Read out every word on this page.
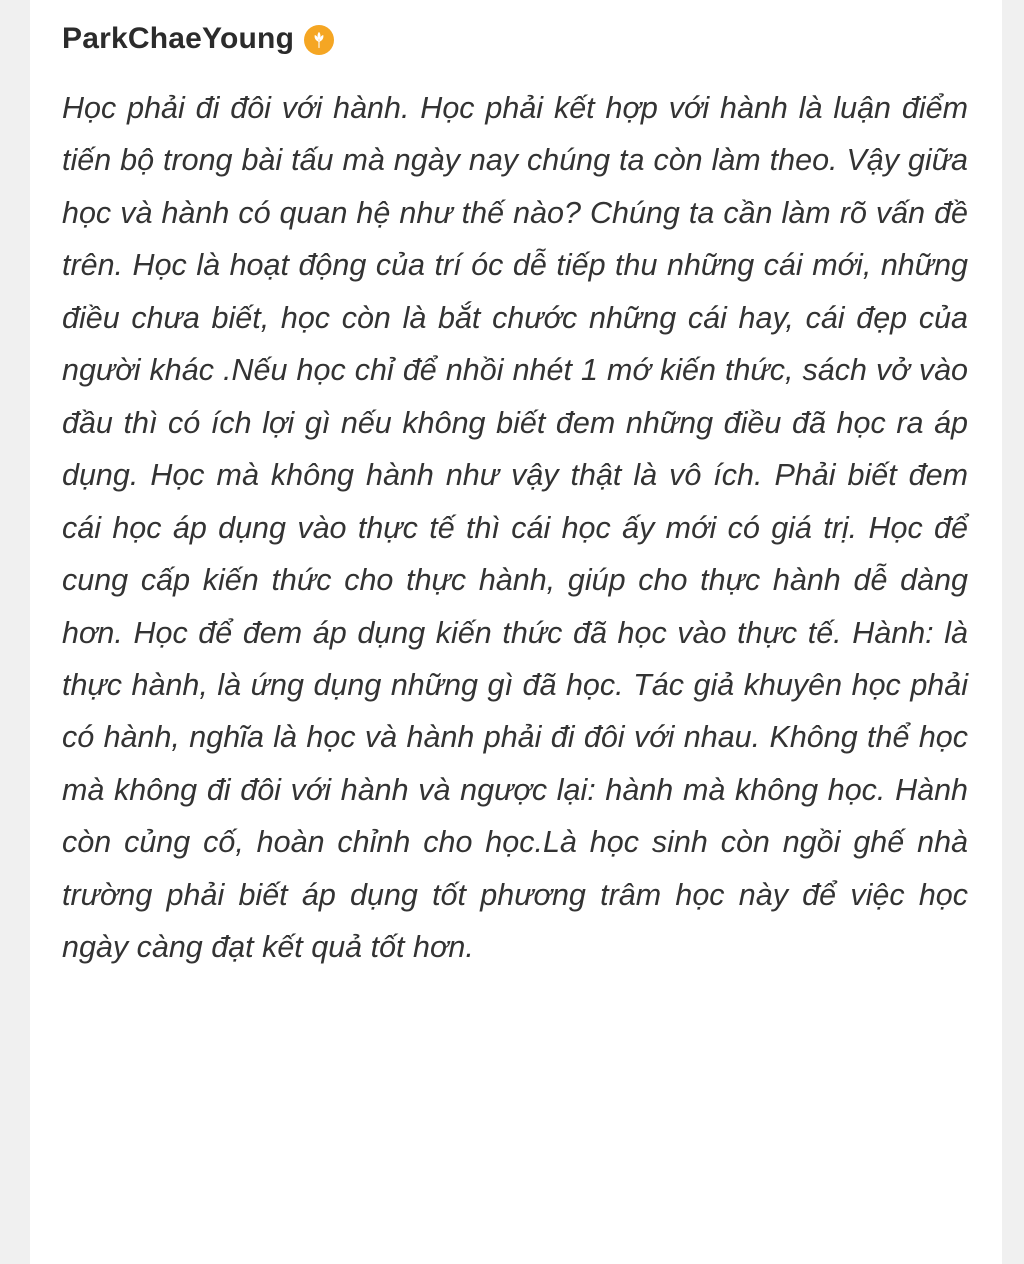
ParkChaeYoung

Học phải đi đôi với hành. Học phải kết hợp với hành là luận điểm tiến bộ trong bài tấu mà ngày nay chúng ta còn làm theo. Vậy giữa học và hành có quan hệ như thế nào? Chúng ta cần làm rõ vấn đề trên. Học là hoạt động của trí óc dễ tiếp thu những cái mới, những điều chưa biết, học còn là bắt chước những cái hay, cái đẹp của người khác .Nếu học chỉ để nhồi nhét 1 mớ kiến thức, sách vở vào đầu thì có ích lợi gì nếu không biết đem những điều đã học ra áp dụng. Học mà không hành như vậy thật là vô ích. Phải biết đem cái học áp dụng vào thực tế thì cái học ấy mới có giá trị. Học để cung cấp kiến thức cho thực hành, giúp cho thực hành dễ dàng hơn. Học để đem áp dụng kiến thức đã học vào thực tế. Hành: là thực hành, là ứng dụng những gì đã học. Tác giả khuyên học phải có hành, nghĩa là học và hành phải đi đôi với nhau. Không thể học mà không đi đôi với hành và ngược lại: hành mà không học. Hành còn củng cố, hoàn chỉnh cho học.Là học sinh còn ngồi ghế nhà trường phải biết áp dụng tốt phương trâm học này để việc học ngày càng đạt kết quả tốt hơn.
